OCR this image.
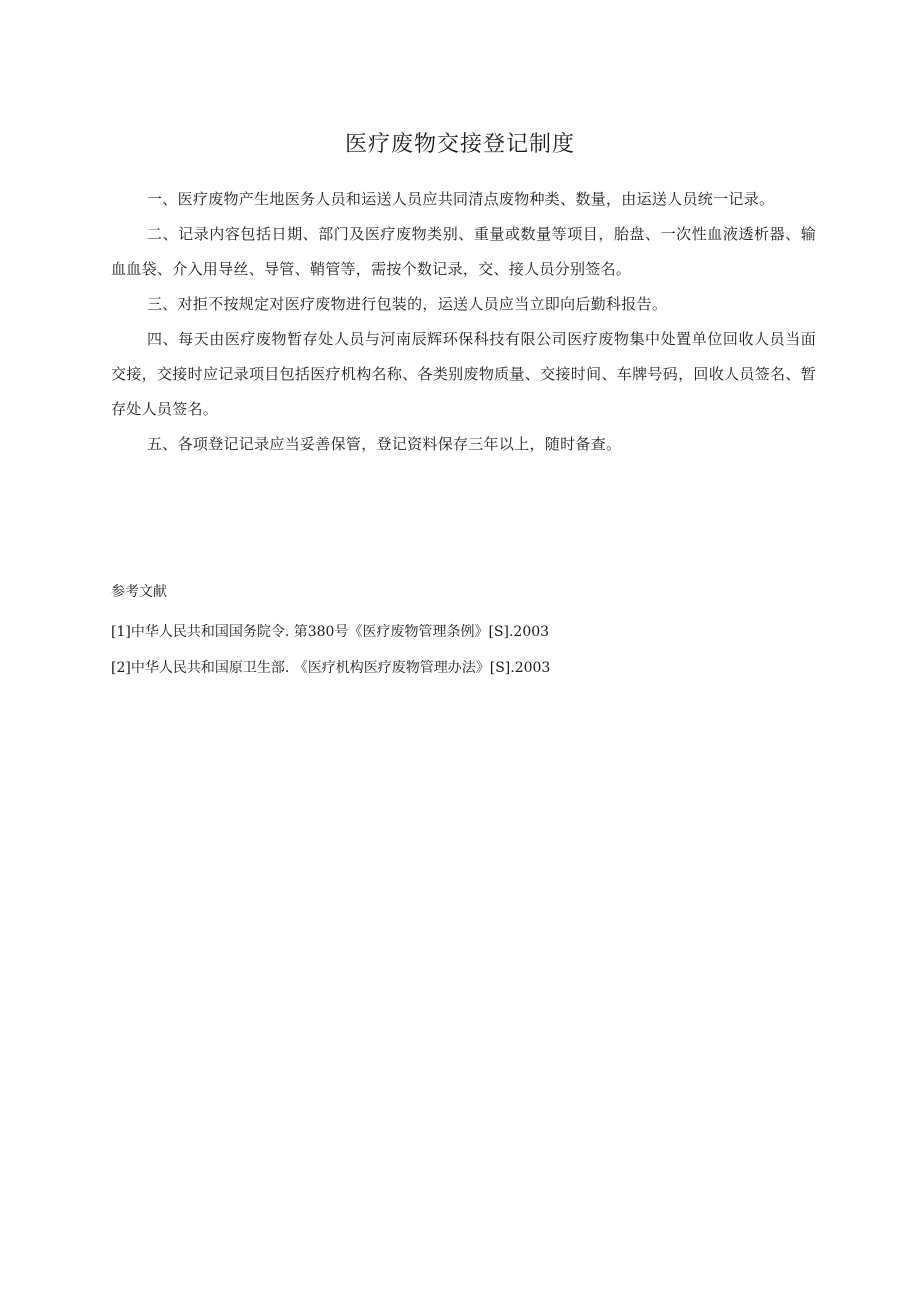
医疗废物交接登记制度

一、医疗废物产生地医务人员和运送人员应共同清点废物种类、数量，由运送人员统一记录。

二、记录内容包括日期、部门及医疗废物类别、重量或数量等项目，胎盘、一次性血液透析器、输血血袋、介入用导丝、导管、鞘管等，需按个数记录，交、接人员分别签名。

三、对拒不按规定对医疗废物进行包装的，运送人员应当立即向后勤科报告。

四、每天由医疗废物暂存处人员与河南辰辉环保科技有限公司医疗废物集中处置单位回收人员当面交接，交接时应记录项目包括医疗机构名称、各类别废物质量、交接时间、车牌号码，回收人员签名、暂存处人员签名。

五、各项登记记录应当妥善保管，登记资料保存三年以上，随时备查。

参考文献

[1]中华人民共和国国务院令. 第380号《医疗废物管理条例》[S].2003
[2]中华人民共和国原卫生部. 《医疗机构医疗废物管理办法》[S].2003
